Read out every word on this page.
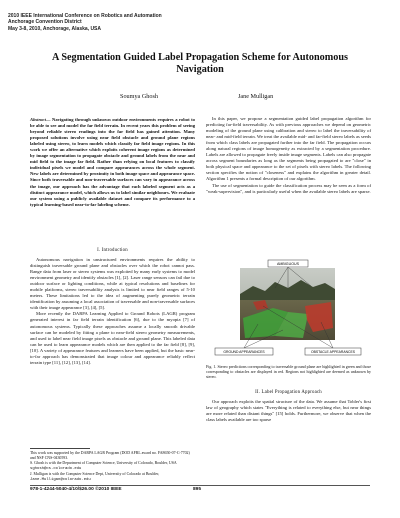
2010 IEEE International Conference on Robotics and Automation
Anchorage Convention District
May 3-8, 2010, Anchorage, Alaska, USA
A Segmentation Guided Label Propagation Scheme for Autonomous Navigation
Soumya Ghosh	Jane Mulligan
Abstract— Navigating through unknown outdoor environments requires a robot to be able to see and model the far field terrain. In recent years this problem of seeing beyond reliable stereo readings into the far field has gained attention. Many proposed solutions involve using near field obstacle and ground plane regions labeled using stereo, to learn models which classify far field image regions. In this work we offer an alternative which exploits coherent image regions as determined by image segmentation to propagate obstacle and ground labels from the near and mid field to the image far field. Rather than relying on local features to classify individual pixels we model and compare appearances across the whole segment. New labels are determined by proximity in both image space and appearance space. Since both traversable and non-traversable surfaces can vary in appearance across the image, our approach has the advantage that each labeled segment acts as a distinct appearance model, which allows us to label similar neighbours. We evaluate our system using a publicly available dataset and compare its performance to a typical learning-based near-to-far labeling scheme.
I. Introduction

Autonomous navigation in unstructured environments requires the ability to distinguish traversable ground plane and obstacles over which the robot cannot pass. Range data from laser or stereo systems was exploited by many early systems to model environment geometry and identify obstacles [1], [2]. Laser range sensors can fail due to outdoor surface or lighting conditions, while at typical resolutions and baselines for mobile platforms, stereo traversability analysis is limited to near field ranges of 5-10 meters. These limitations led to the idea of augmenting purely geometric terrain identification by assuming a local association of traversable and non-traversable surfaces with their image appearance [3], [4], [5].

More recently the DARPA Learning Applied to Ground Robots (LAGR) program generated interest in far field terrain identification [6], due to the myopia [7] of autonomous systems. Typically these approaches assume a locally smooth drivable surface can be modeled by fitting a plane to near-field stereo geometry measurements, and used to label near field image pixels as obstacle and ground plane. This labeled data can be used to learn appearance models which are then applied to the far field [8], [9], [10]. A variety of appearance features and learners have been applied, but the basic near-to-far approach has demonstrated that image colour and appearance reliably reflect terrain type [11], [12], [13], [14].

This work was supported by the DARPA LAGR Program (DOD AFRL award no. FA8650-07-C-7702) and NSF CNS-0430593.

S. Ghosh is with the Department of Computer Science, University of Colorado, Boulder, USA sghosh@cs.colorado.edu

J. Mulligan is with the Computer Science Dept, University of Colorado at Boulder, Jane.Mulligan@colorado.edu

In this paper, we propose a segmentation guided label propagation algorithm for predicting far-field traversability. As with previous approaches we depend on geometric modeling of the ground plane using calibration and stereo to label the traversability of near- and mid-field terrain. We treat the available mid- and far-field stereo labels as seeds from which class labels are propagated further into the far field. The propagation occurs along natural regions of image homogeneity as extracted by a segmentation procedure. Labels are allowed to propagate freely inside image segments. Labels can also propagate across segment boundaries as long as the segments being propagated to are "close" in both physical space and appearance to the set of pixels with stereo labels. The following section specifies the notion of "closeness" and explains the algorithm in greater detail. Algorithm 1 presents a formal description of our algorithm.

The use of segmentation to guide the classification process may be seen as a form of "weak-supervision", and is particularly useful when the available stereo labels are sparse.

AMBIGUOUS
GROUND APPEARANCES	OBSTACLE APPEARANCES
Fig. 1. Stereo predictions corresponding to traversable ground plane are highlighted in green and those corresponding to obstacles are displayed in red. Regions not highlighted are deemed as unknown by stereo.
II. Label Propagation Approach

Our approach exploits the spatial structure of the data. We assume that Tobler's first law of geography which states "Everything is related to everything else, but near things are more related than distant things" [15] holds. Furthermore, we observe that when the class labels available are too sparse

978-1-4244-5040-4/10/$26.00 ©2010 IEEE	895
